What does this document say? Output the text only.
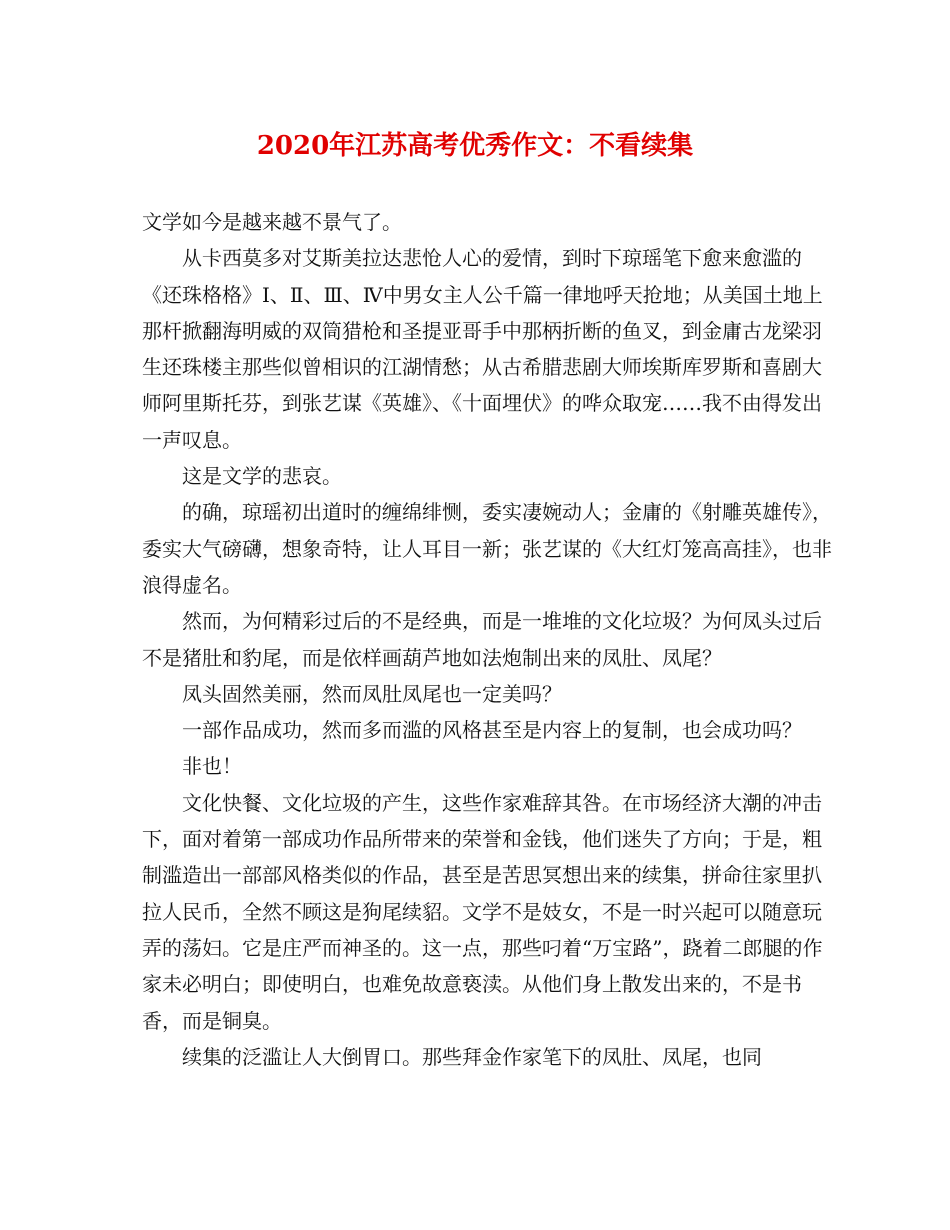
2020年江苏高考优秀作文：不看续集

文学如今是越来越不景气了。

从卡西莫多对艾斯美拉达悲怆人心的爱情，到时下琼瑶笔下愈来愈滥的《还珠格格》Ⅰ、Ⅱ、Ⅲ、Ⅳ中男女主人公千篇一律地呼天抢地；从美国土地上那杆掀翻海明威的双筒猎枪和圣提亚哥手中那柄折断的鱼叉，到金庸古龙梁羽生还珠楼主那些似曾相识的江湖情愁；从古希腊悲剧大师埃斯库罗斯和喜剧大师阿里斯托芬，到张艺谋《英雄》、《十面埋伏》的哗众取宠……我不由得发出一声叹息。

这是文学的悲哀。

的确，琼瑶初出道时的缠绵绯恻，委实凄婉动人；金庸的《射雕英雄传》，委实大气磅礴，想象奇特，让人耳目一新；张艺谋的《大红灯笼高高挂》，也非浪得虚名。

然而，为何精彩过后的不是经典，而是一堆堆的文化垃圾？为何凤头过后不是猪肚和豹尾，而是依样画葫芦地如法炮制出来的凤肚、凤尾？

凤头固然美丽，然而凤肚凤尾也一定美吗？

一部作品成功，然而多而滥的风格甚至是内容上的复制，也会成功吗？

非也！

文化快餐、文化垃圾的产生，这些作家难辞其咎。在市场经济大潮的冲击下，面对着第一部成功作品所带来的荣誉和金钱，他们迷失了方向；于是，粗制滥造出一部部风格类似的作品，甚至是苦思冥想出来的续集，拼命往家里扒拉人民币，全然不顾这是狗尾续貂。文学不是妓女，不是一时兴起可以随意玩弄的荡妇。它是庄严而神圣的。这一点，那些叼着“万宝路”，跷着二郎腿的作家未必明白；即使明白，也难免故意亵渎。从他们身上散发出来的，不是书香，而是铜臭。

续集的泛滥让人大倒胃口。那些拜金作家笔下的凤肚、凤尾，也同
